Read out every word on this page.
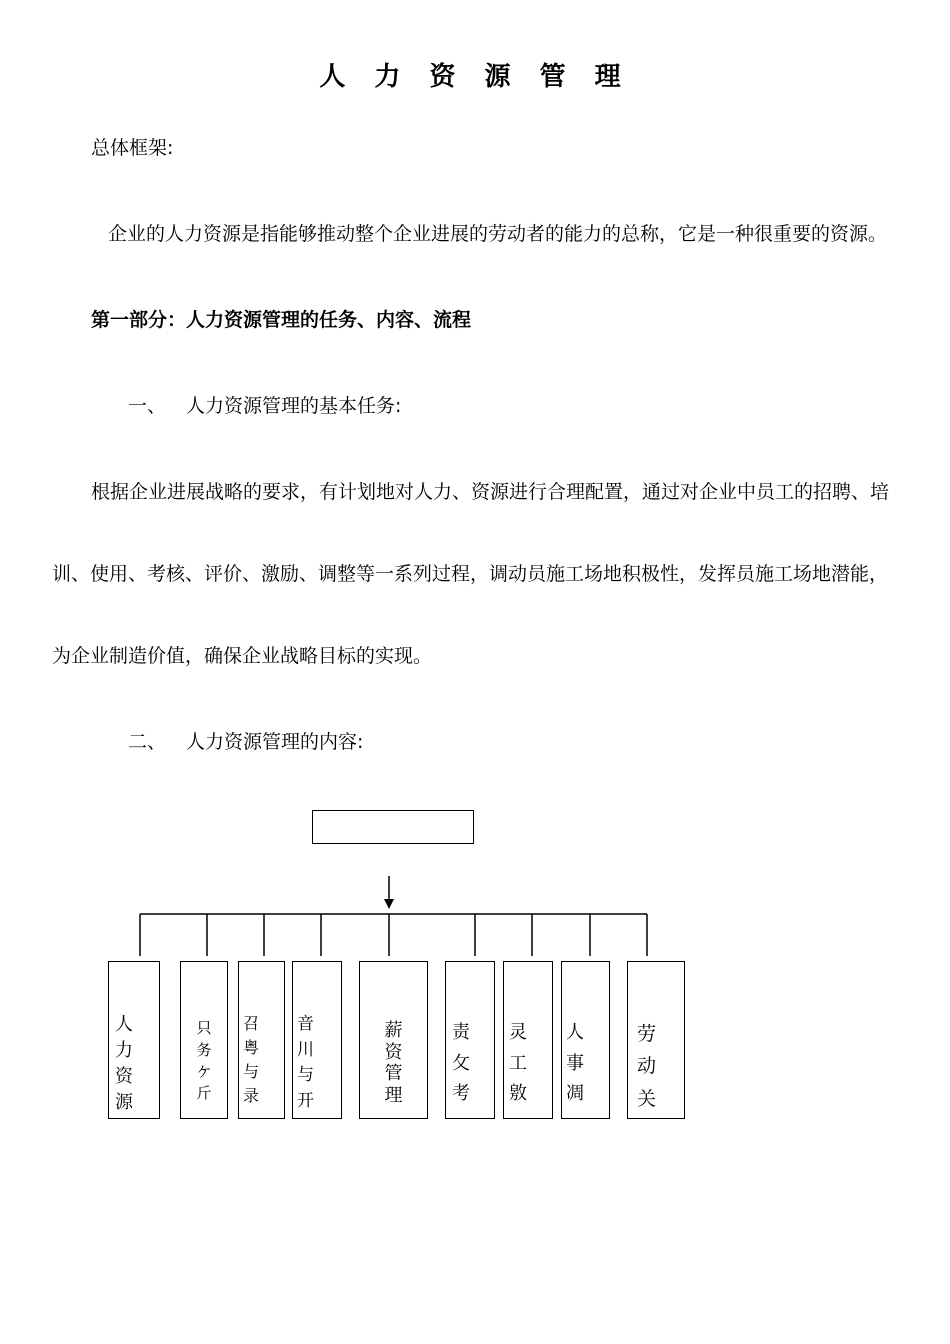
人 力 资 源 管 理
总体框架:
企业的人力资源是指能够推动整个企业进展的劳动者的能力的总称，它是一种很重要的资源。
第一部分：人力资源管理的任务、内容、流程
一、 人力资源管理的基本任务:
根据企业进展战略的要求，有计划地对人力、资源进行合理配置，通过对企业中员工的招聘、培
训、使用、考核、评价、激励、调整等一系列过程，调动员施工场地积极性，发挥员施工场地潜能，
为企业制造价值，确保企业战略目标的实现。
二、 人力资源管理的内容:
人
力
资
源
只
务
ケ
斤
召
粤
与
录
音
川
与
开
薪
资
管
理
责
攵
考
灵
工
敫
人
事
凋
劳
动
关
